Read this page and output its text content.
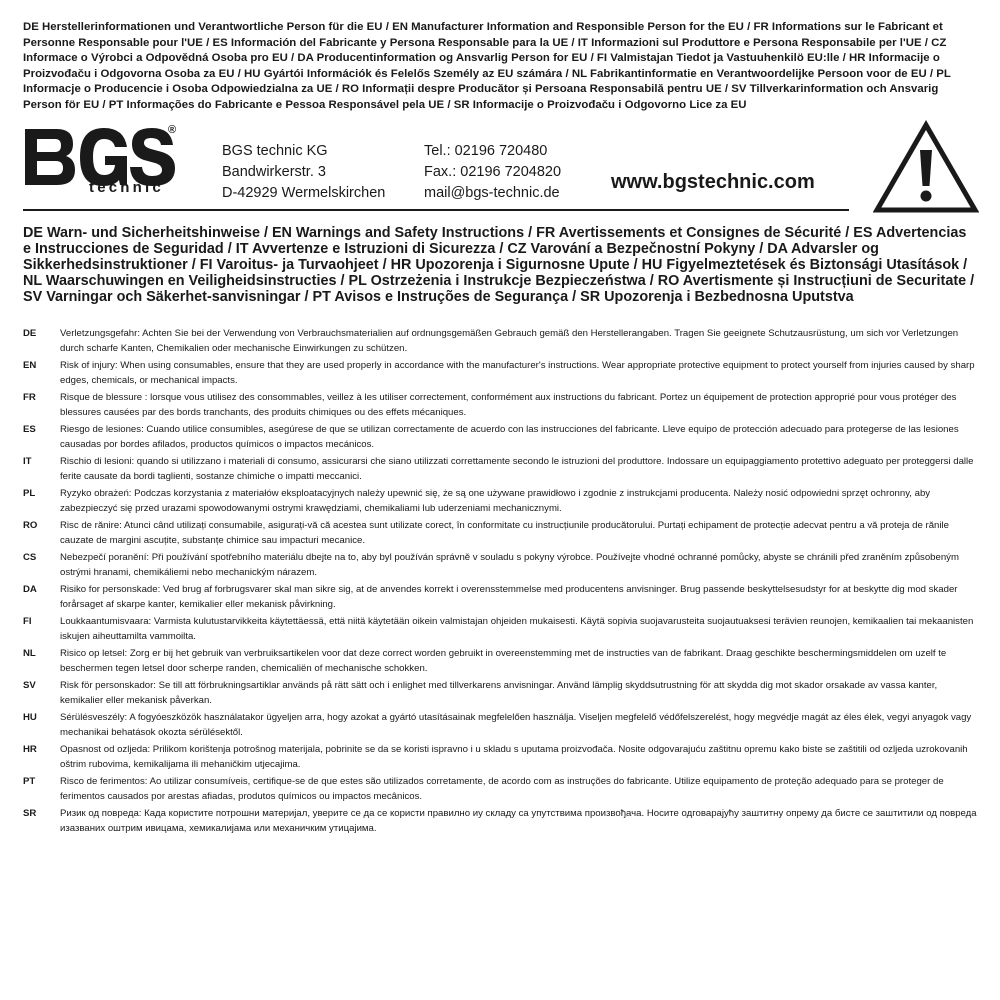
DE Herstellerinformationen und Verantwortliche Person für die EU / EN Manufacturer Information and Responsible Person for the EU / FR Informations sur le Fabricant et Personne Responsable pour l'UE / ES Información del Fabricante y Persona Responsable para la UE / IT Informazioni sul Produttore e Persona Responsabile per l'UE / CZ Informace o Výrobci a Odpovědná Osoba pro EU / DA Producentinformation og Ansvarlig Person for EU / FI Valmistajan Tiedot ja Vastuuhenkilö EU:lle / HR Informacije o Proizvođaču i Odgovorna Osoba za EU / HU Gyártói Információk és Felelős Személy az EU számára / NL Fabrikantinformatie en Verantwoordelijke Persoon voor de EU / PL Informacje o Producencie i Osoba Odpowiedzialna za UE / RO Informații despre Producător și Persoana Responsabilă pentru UE / SV Tillverkarinformation och Ansvarig Person för EU / PT Informações do Fabricante e Pessoa Responsável pela UE / SR Informacije o Proizvođaču i Odgovorno Lice za EU

®
technic
BGS technic KG
Bandwirkerstr. 3
D-42929 Wermelskirchen
Tel.: 02196 720480
Fax.: 02196 7204820
mail@bgs-technic.de	www.bgstechnic.com

DE Warn- und Sicherheitshinweise / EN Warnings and Safety Instructions / FR Avertissements et Consignes de Sécurité / ES Advertencias e Instrucciones de Seguridad / IT Avvertenze e Istruzioni di Sicurezza / CZ Varování a Bezpečnostní Pokyny / DA Advarsler og Sikkerhedsinstruktioner / FI Varoitus- ja Turvaohjeet / HR Upozorenja i Sigurnosne Upute / HU Figyelmeztetések és Biztonsági Utasítások / NL Waarschuwingen en Veiligheidsinstructies / PL Ostrzeżenia i Instrukcje Bezpieczeństwa / RO Avertismente și Instrucțiuni de Securitate / SV Varningar och Säkerhet-sanvisningar / PT Avisos e Instruções de Segurança / SR Upozorenja i Bezbednosna Uputstva

DE	Verletzungsgefahr: Achten Sie bei der Verwendung von Verbrauchsmaterialien auf ordnungsgemäßen Gebrauch gemäß den Herstellerangaben. Tragen Sie geeignete Schutzausrüstung, um sich vor Verletzungen durch scharfe Kanten, Chemikalien oder mechanische Einwirkungen zu schützen.
EN	Risk of injury: When using consumables, ensure that they are used properly in accordance with the manufacturer's instructions. Wear appropriate protective equipment to protect yourself from injuries caused by sharp edges, chemicals, or mechanical impacts.
FR	Risque de blessure : lorsque vous utilisez des consommables, veillez à les utiliser correctement, conformément aux instructions du fabricant. Portez un équipement de protection approprié pour vous protéger des blessures causées par des bords tranchants, des produits chimiques ou des effets mécaniques.
ES	Riesgo de lesiones: Cuando utilice consumibles, asegúrese de que se utilizan correctamente de acuerdo con las instrucciones del fabricante. Lleve equipo de protección adecuado para protegerse de las lesiones causadas por bordes afilados, productos químicos o impactos mecánicos.
IT	Rischio di lesioni: quando si utilizzano i materiali di consumo, assicurarsi che siano utilizzati correttamente secondo le istruzioni del produttore. Indossare un equipaggiamento protettivo adeguato per proteggersi dalle ferite causate da bordi taglienti, sostanze chimiche o impatti meccanici.
PL	Ryzyko obrażeń: Podczas korzystania z materiałów eksploatacyjnych należy upewnić się, że są one używane prawidłowo i zgodnie z instrukcjami producenta. Należy nosić odpowiedni sprzęt ochronny, aby zabezpieczyć się przed urazami spowodowanymi ostrymi krawędziami, chemikaliami lub uderzeniami mechanicznymi.
RO	Risc de rănire: Atunci când utilizați consumabile, asigurați-vă că acestea sunt utilizate corect, în conformitate cu instrucțiunile producătorului. Purtați echipament de protecție adecvat pentru a vă proteja de rănile cauzate de margini ascuțite, substanțe chimice sau impacturi mecanice.
CS	Nebezpečí poranění: Při používání spotřebního materiálu dbejte na to, aby byl používán správně v souladu s pokyny výrobce. Používejte vhodné ochranné pomůcky, abyste se chránili před zraněním způsobeným ostrými hranami, chemikáliemi nebo mechanickým nárazem.
DA	Risiko for personskade: Ved brug af forbrugsvarer skal man sikre sig, at de anvendes korrekt i overensstemmelse med producentens anvisninger. Brug passende beskyttelsesudstyr for at beskytte dig mod skader forårsaget af skarpe kanter, kemikalier eller mekanisk påvirkning.
FI	Loukkaantumisvaara: Varmista kulutustarvikkeita käytettäessä, että niitä käytetään oikein valmistajan ohjeiden mukaisesti. Käytä sopivia suojavarusteita suojautuaksesi terävien reunojen, kemikaalien tai mekaanisten iskujen aiheuttamilta vammoilta.
NL	Risico op letsel: Zorg er bij het gebruik van verbruiksartikelen voor dat deze correct worden gebruikt in overeenstemming met de instructies van de fabrikant. Draag geschikte beschermingsmiddelen om uzelf te beschermen tegen letsel door scherpe randen, chemicaliën of mechanische schokken.
SV	Risk för personskador: Se till att förbrukningsartiklar används på rätt sätt och i enlighet med tillverkarens anvisningar. Använd lämplig skyddsutrustning för att skydda dig mot skador orsakade av vassa kanter, kemikalier eller mekanisk påverkan.
HU	Sérülésveszély: A fogyóeszközök használatakor ügyeljen arra, hogy azokat a gyártó utasításainak megfelelően használja. Viseljen megfelelő védőfelszerelést, hogy megvédje magát az éles élek, vegyi anyagok vagy mechanikai behatások okozta sérülésektől.
HR	Opasnost od ozljeda: Prilikom korištenja potrošnog materijala, pobrinite se da se koristi ispravno i u skladu s uputama proizvođača. Nosite odgovarajuću zaštitnu opremu kako biste se zaštitili od ozljeda uzrokovanih oštrim rubovima, kemikalijama ili mehaničkim utjecajima.
PT	Risco de ferimentos: Ao utilizar consumíveis, certifique-se de que estes são utilizados corretamente, de acordo com as instruções do fabricante. Utilize equipamento de proteção adequado para se proteger de ferimentos causados por arestas afiadas, produtos químicos ou impactos mecânicos.
SR	Ризик од повреда: Када користите потрошни материјал, уверите се да се користи правилно иу складу са упутствима произвођача. Носите одговарајућу заштитну опрему да бисте се заштитили од повреда изазваних оштрим ивицама, хемикалијама или механичким утицајима.
